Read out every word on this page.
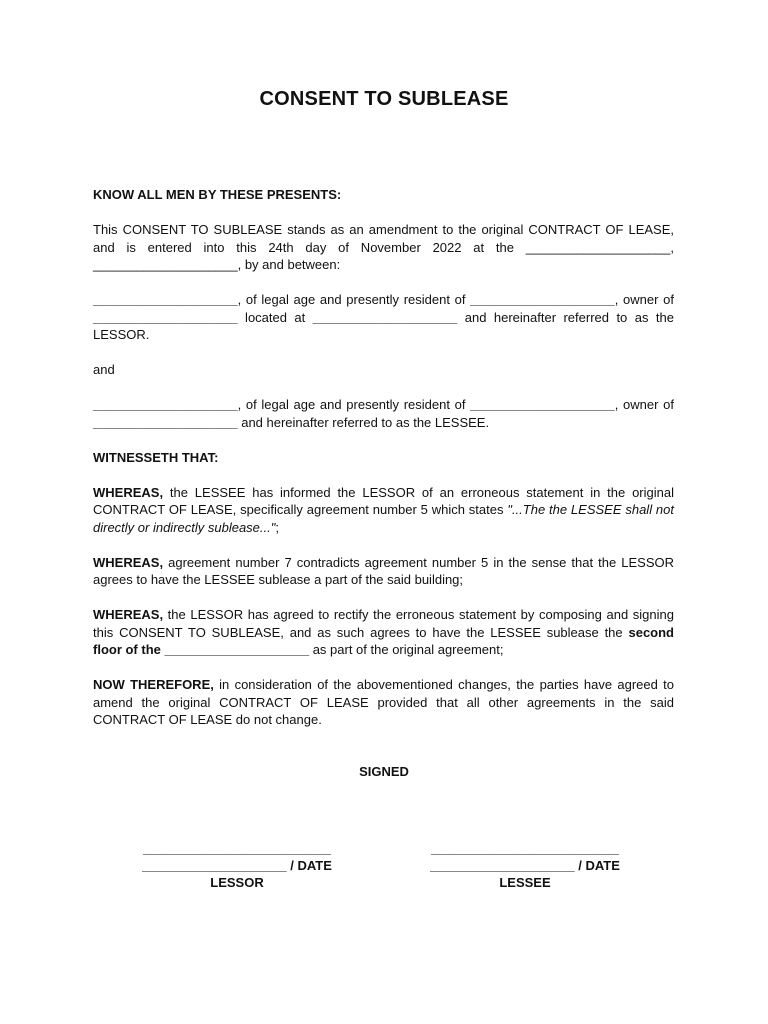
CONSENT TO SUBLEASE

KNOW ALL MEN BY THESE PRESENTS:

This CONSENT TO SUBLEASE stands as an amendment to the original CONTRACT OF LEASE, and is entered into this 24th day of November 2022 at the ____________________, ____________________, by and between:

____________________, of legal age and presently resident of ____________________, owner of ____________________ located at ____________________ and hereinafter referred to as the LESSOR.

and

____________________, of legal age and presently resident of ____________________, owner of ____________________ and hereinafter referred to as the LESSEE.

WITNESSETH THAT:

WHEREAS, the LESSEE has informed the LESSOR of an erroneous statement in the original CONTRACT OF LEASE, specifically agreement number 5 which states "...The the LESSEE shall not directly or indirectly sublease...";

WHEREAS, agreement number 7 contradicts agreement number 5 in the sense that the LESSOR agrees to have the LESSEE sublease a part of the said building;

WHEREAS, the LESSOR has agreed to rectify the erroneous statement by composing and signing this CONSENT TO SUBLEASE, and as such agrees to have the LESSEE sublease the second floor of the ____________________ as part of the original agreement;

NOW THEREFORE, in consideration of the abovementioned changes, the parties have agreed to amend the original CONTRACT OF LEASE provided that all other agreements in the said CONTRACT OF LEASE do not change.

SIGNED
__________________________
____________________ / DATE
LESSOR
__________________________
____________________ / DATE
LESSEE
